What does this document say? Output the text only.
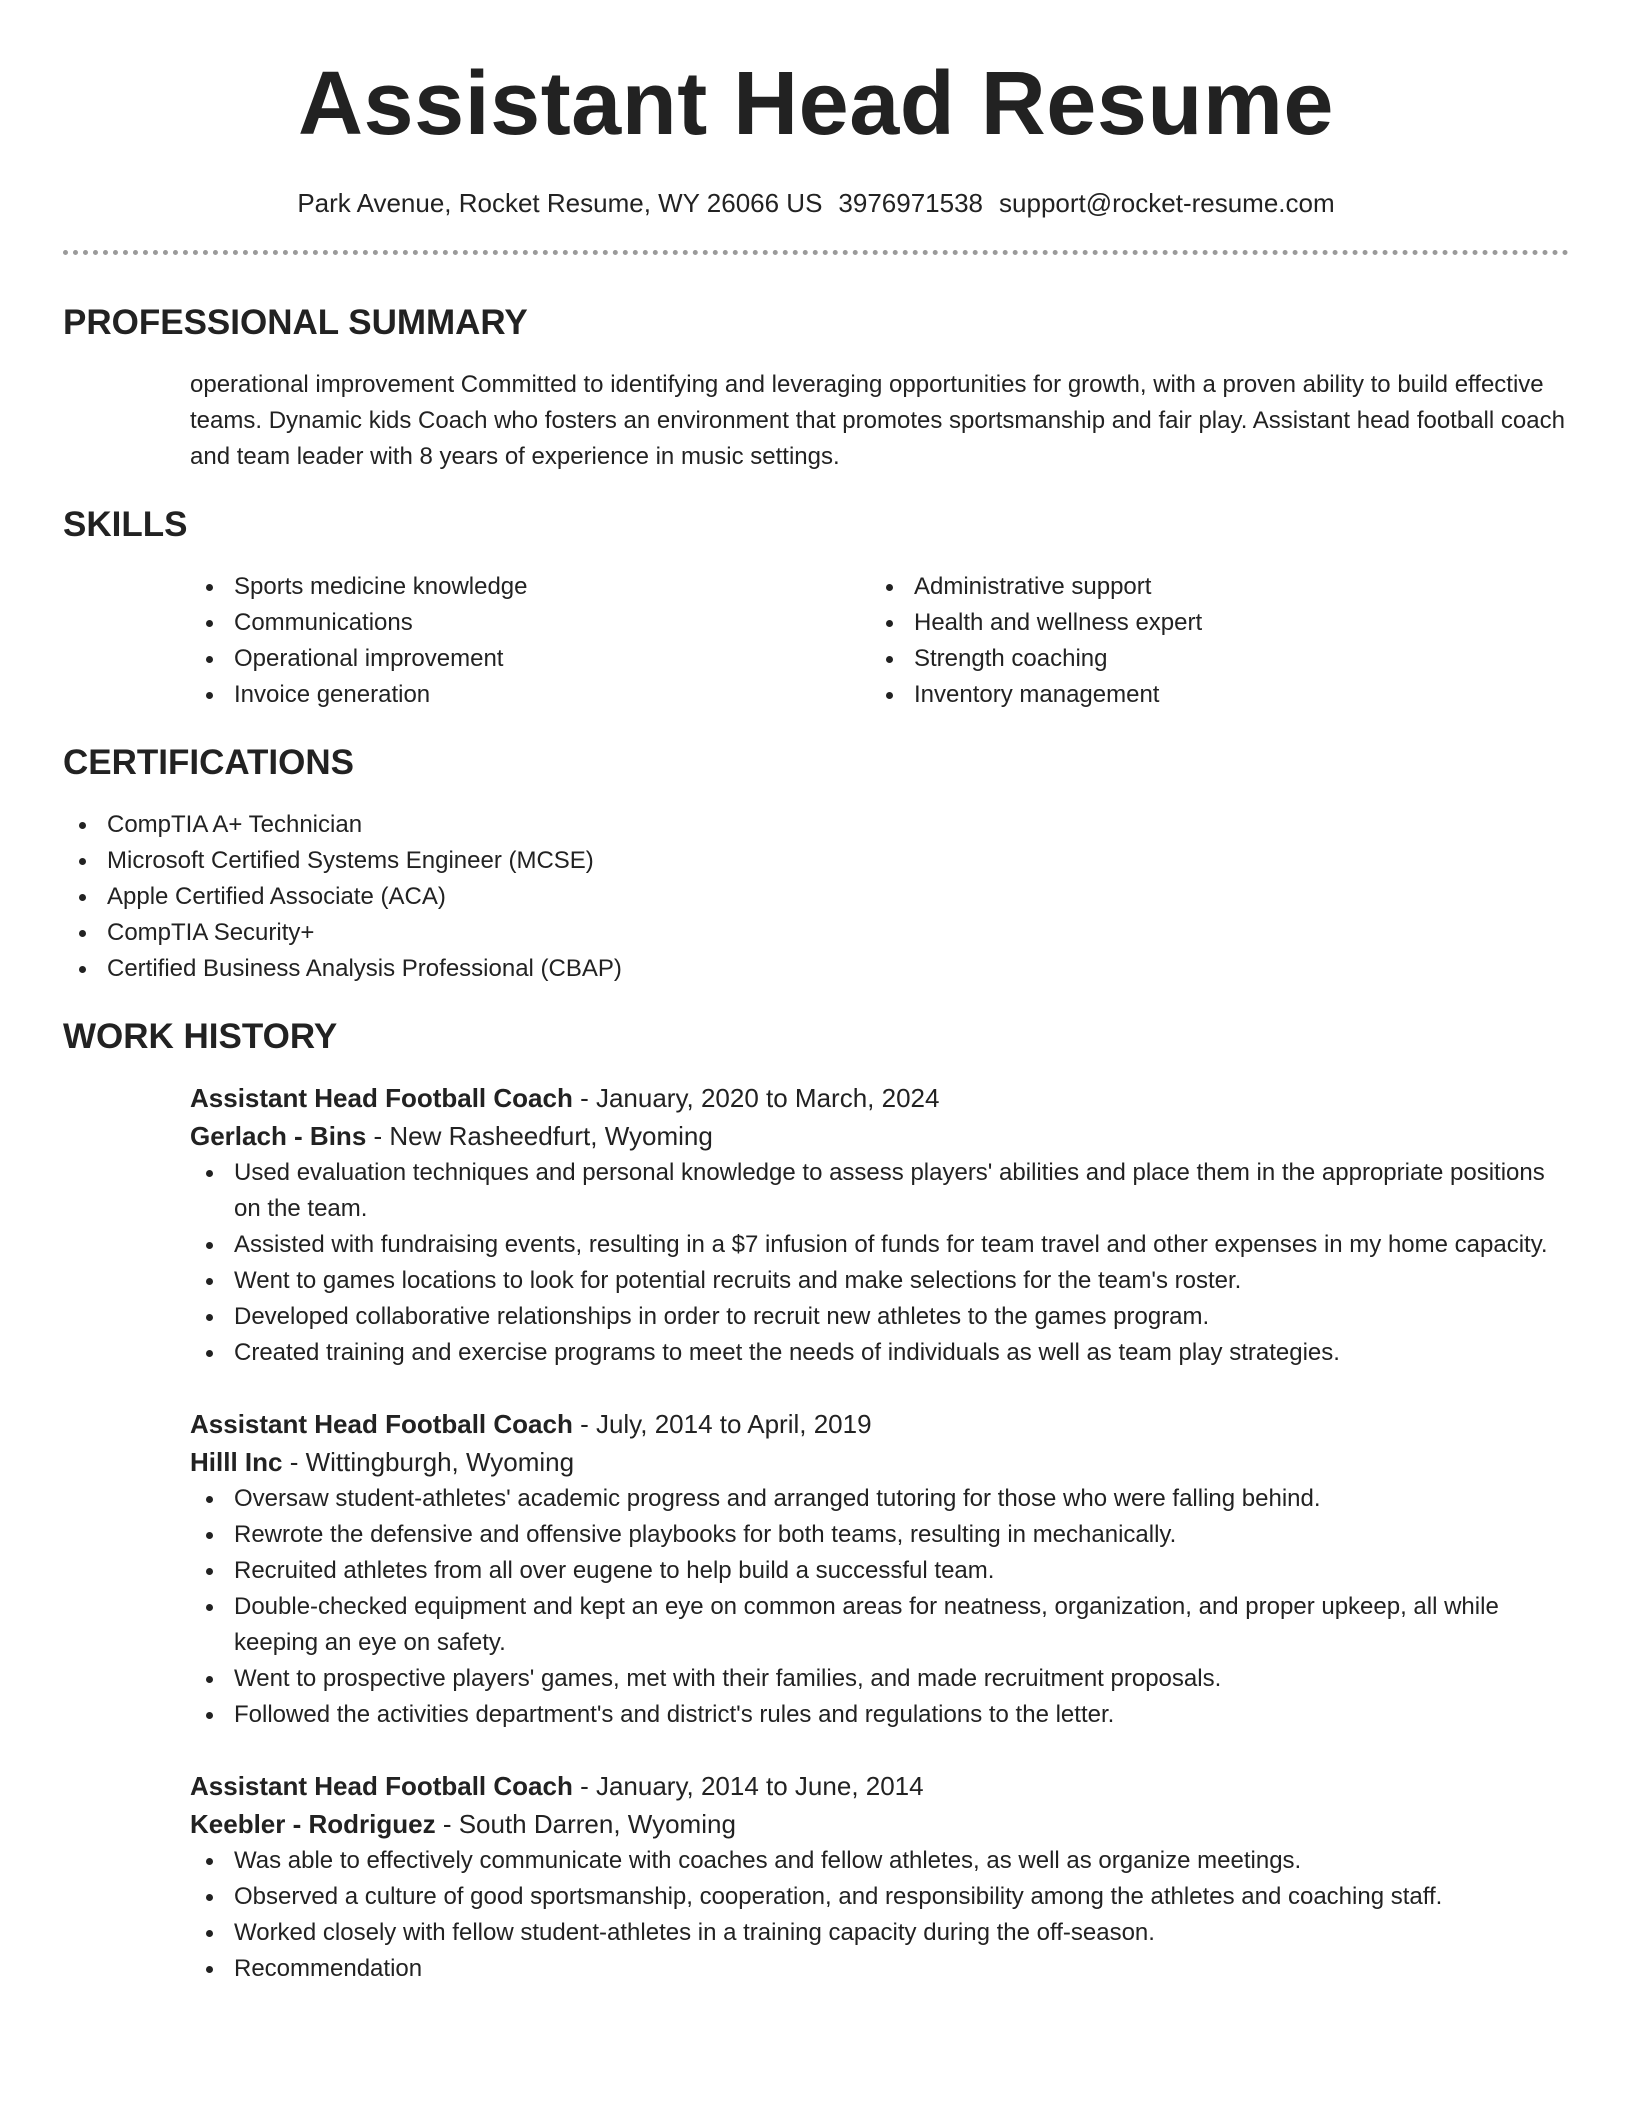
Assistant Head Resume
Park Avenue, Rocket Resume, WY 26066 US 3976971538 support@rocket-resume.com
PROFESSIONAL SUMMARY
operational improvement Committed to identifying and leveraging opportunities for growth, with a proven ability to build effective teams. Dynamic kids Coach who fosters an environment that promotes sportsmanship and fair play. Assistant head football coach and team leader with 8 years of experience in music settings.
SKILLS
Sports medicine knowledge
Communications
Operational improvement
Invoice generation
Administrative support
Health and wellness expert
Strength coaching
Inventory management
CERTIFICATIONS
CompTIA A+ Technician
Microsoft Certified Systems Engineer (MCSE)
Apple Certified Associate (ACA)
CompTIA Security+
Certified Business Analysis Professional (CBAP)
WORK HISTORY
Assistant Head Football Coach - January, 2020 to March, 2024
Gerlach - Bins - New Rasheedfurt, Wyoming
Used evaluation techniques and personal knowledge to assess players' abilities and place them in the appropriate positions on the team.
Assisted with fundraising events, resulting in a $7 infusion of funds for team travel and other expenses in my home capacity.
Went to games locations to look for potential recruits and make selections for the team's roster.
Developed collaborative relationships in order to recruit new athletes to the games program.
Created training and exercise programs to meet the needs of individuals as well as team play strategies.
Assistant Head Football Coach - July, 2014 to April, 2019
Hilll Inc - Wittingburgh, Wyoming
Oversaw student-athletes' academic progress and arranged tutoring for those who were falling behind.
Rewrote the defensive and offensive playbooks for both teams, resulting in mechanically.
Recruited athletes from all over eugene to help build a successful team.
Double-checked equipment and kept an eye on common areas for neatness, organization, and proper upkeep, all while keeping an eye on safety.
Went to prospective players' games, met with their families, and made recruitment proposals.
Followed the activities department's and district's rules and regulations to the letter.
Assistant Head Football Coach - January, 2014 to June, 2014
Keebler - Rodriguez - South Darren, Wyoming
Was able to effectively communicate with coaches and fellow athletes, as well as organize meetings.
Observed a culture of good sportsmanship, cooperation, and responsibility among the athletes and coaching staff.
Worked closely with fellow student-athletes in a training capacity during the off-season.
Recommendation
